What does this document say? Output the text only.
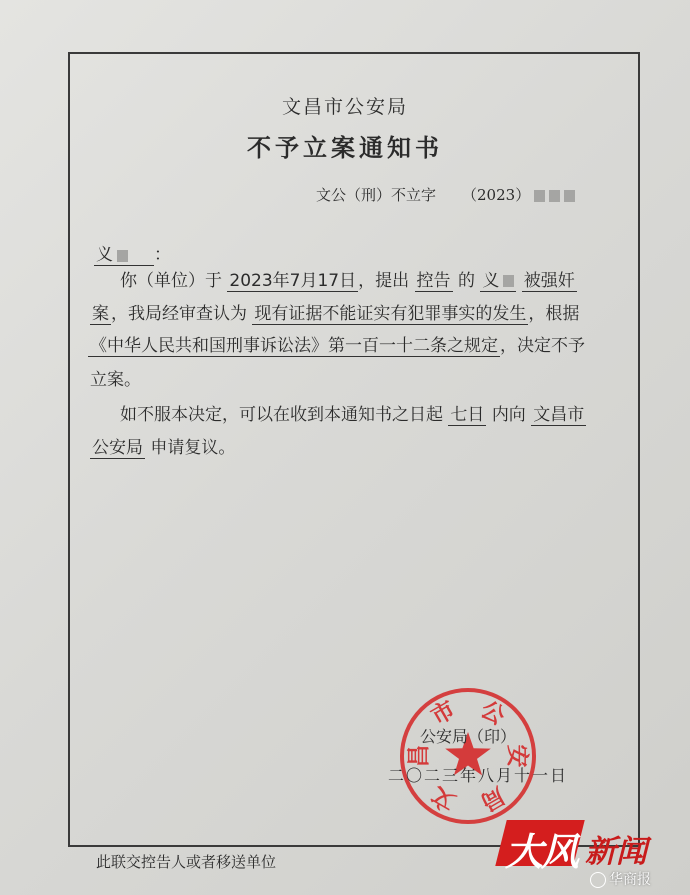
文昌市公安局
不予立案通知书
文公（刑）不立字 （2023）
义 ：
你（单位）于 2023年7月17日 ，提出 控告 的 义 被强奸
案 ，我局经审查认为 现有证据不能证实有犯罪事实的发生 ，根据
《中华人民共和国刑事诉讼法》第一百一十二条之规定 ，决定不予
立案。
如不服本决定，可以在收到本通知书之日起 七日 内向 文昌市
公安局 申请复议。
文
昌
市 公
安
局
公安局（印）
二〇二三年八月十一日
此联交控告人或者移送单位	大风 新闻
华商报
